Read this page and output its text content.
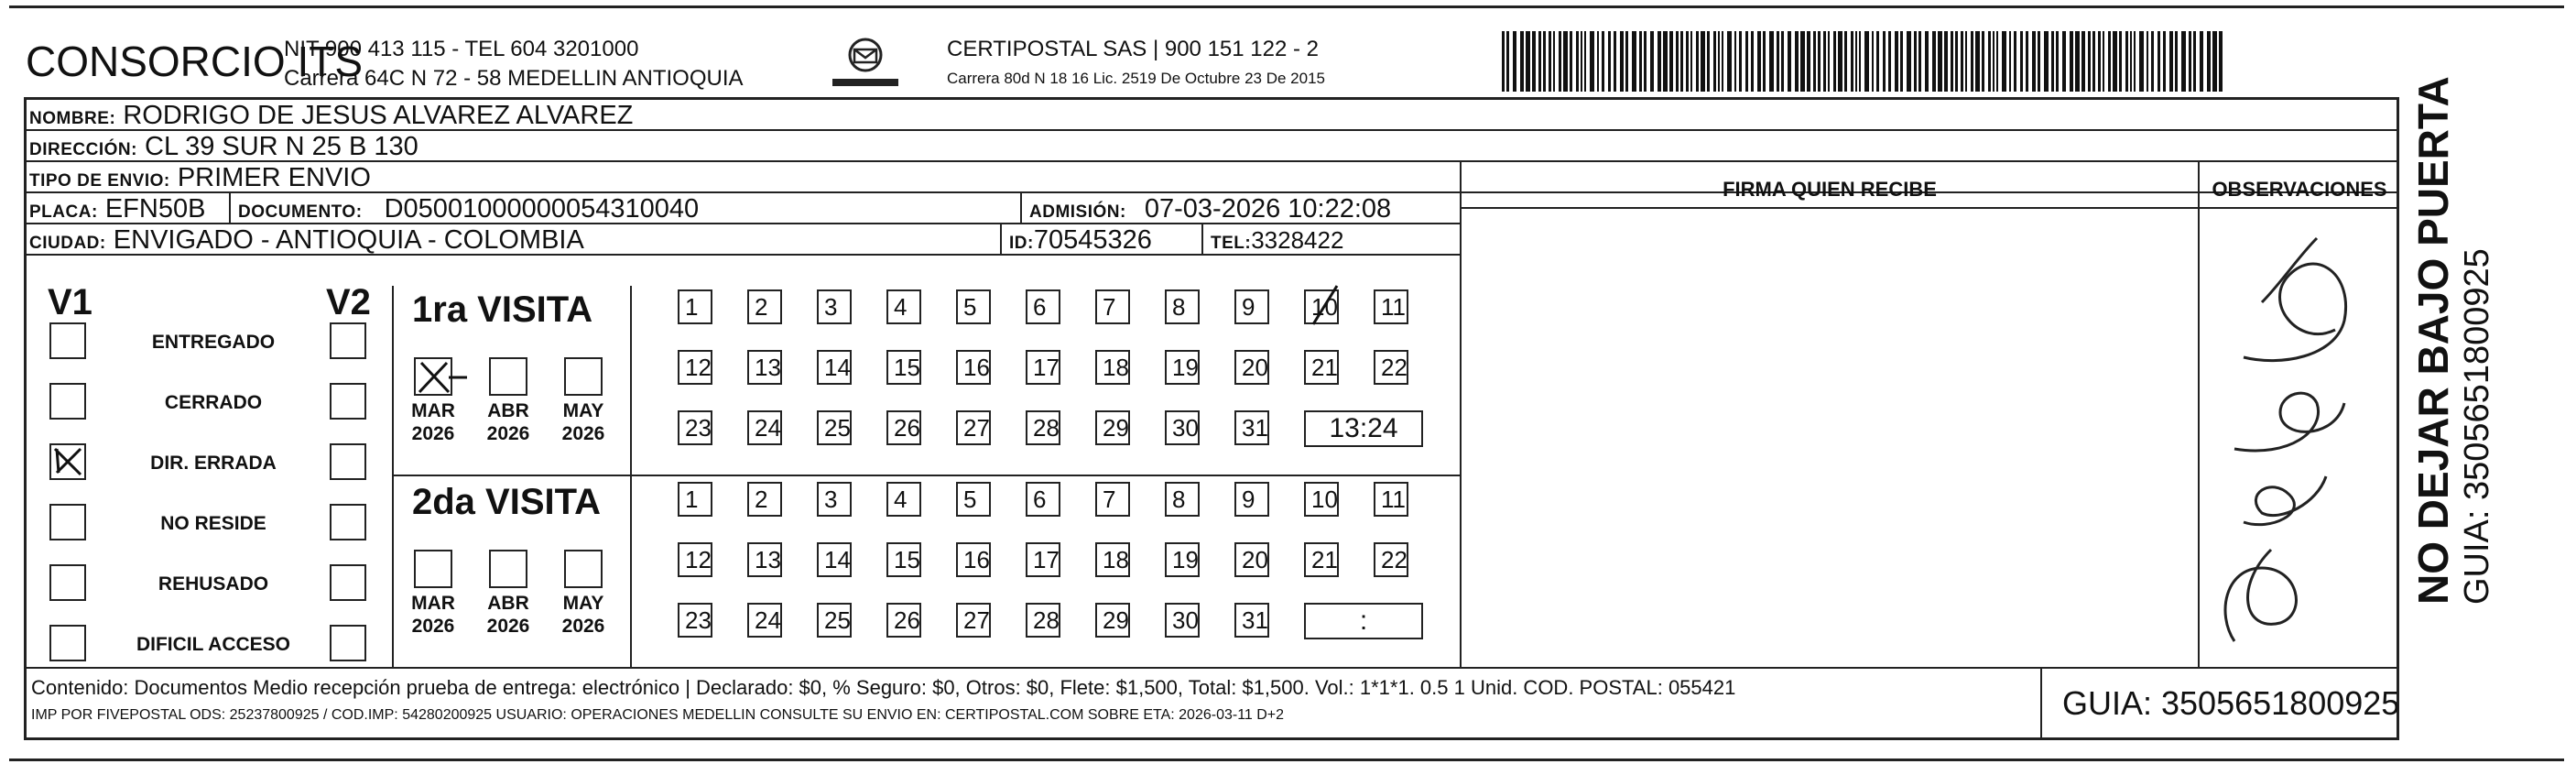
CONSORCIO ITS
NIT 900 413 115 - TEL 604 3201000
Carrera 64C N 72 - 58 MEDELLIN ANTIOQUIA
CERTIPOSTAL SAS | 900 151 122 - 2
Carrera 80d N 18 16 Lic. 2519 De Octubre 23 De 2015
NOMBRE: RODRIGO DE JESUS ALVAREZ ALVAREZ
DIRECCIÓN: CL 39 SUR N 25 B 130
TIPO DE ENVIO: PRIMER ENVIO
PLACA: EFN50B	DOCUMENTO: D05001000000054310040	ADMISIÓN: 07-03-2026 10:22:08
CIUDAD: ENVIGADO - ANTIOQUIA - COLOMBIA	ID:70545326	TEL:3328422
FIRMA QUIEN RECIBE	OBSERVACIONES
V1	V2
ENTREGADO
CERRADO
DIR. ERRADA
NO RESIDE
REHUSADO
DIFICIL ACCESO
1ra VISITA
2da VISITA
MAR
2026
ABR
2026
MAY
2026
1	2	3	4	5	6	7	8	9	10	11
12	13	14	15	16	17	18	19	20	21	22
23	24	25	26	27	28	29	30	31	13:24
MAR
2026
ABR
2026
MAY
2026
1	2	3	4	5	6	7	8	9	10	11
12	13	14	15	16	17	18	19	20	21	22
23	24	25	26	27	28	29	30	31	:
NO DEJAR BAJO PUERTA GUIA: 3505651800925
Contenido: Documentos Medio recepción prueba de entrega: electrónico | Declarado: $0, % Seguro: $0, Otros: $0, Flete: $1,500, Total: $1,500. Vol.: 1*1*1. 0.5 1 Unid. COD. POSTAL: 055421
IMP POR FIVEPOSTAL ODS: 25237800925 / COD.IMP: 54280200925 USUARIO: OPERACIONES MEDELLIN CONSULTE SU ENVIO EN: CERTIPOSTAL.COM SOBRE ETA: 2026-03-11 D+2	GUIA: 3505651800925
